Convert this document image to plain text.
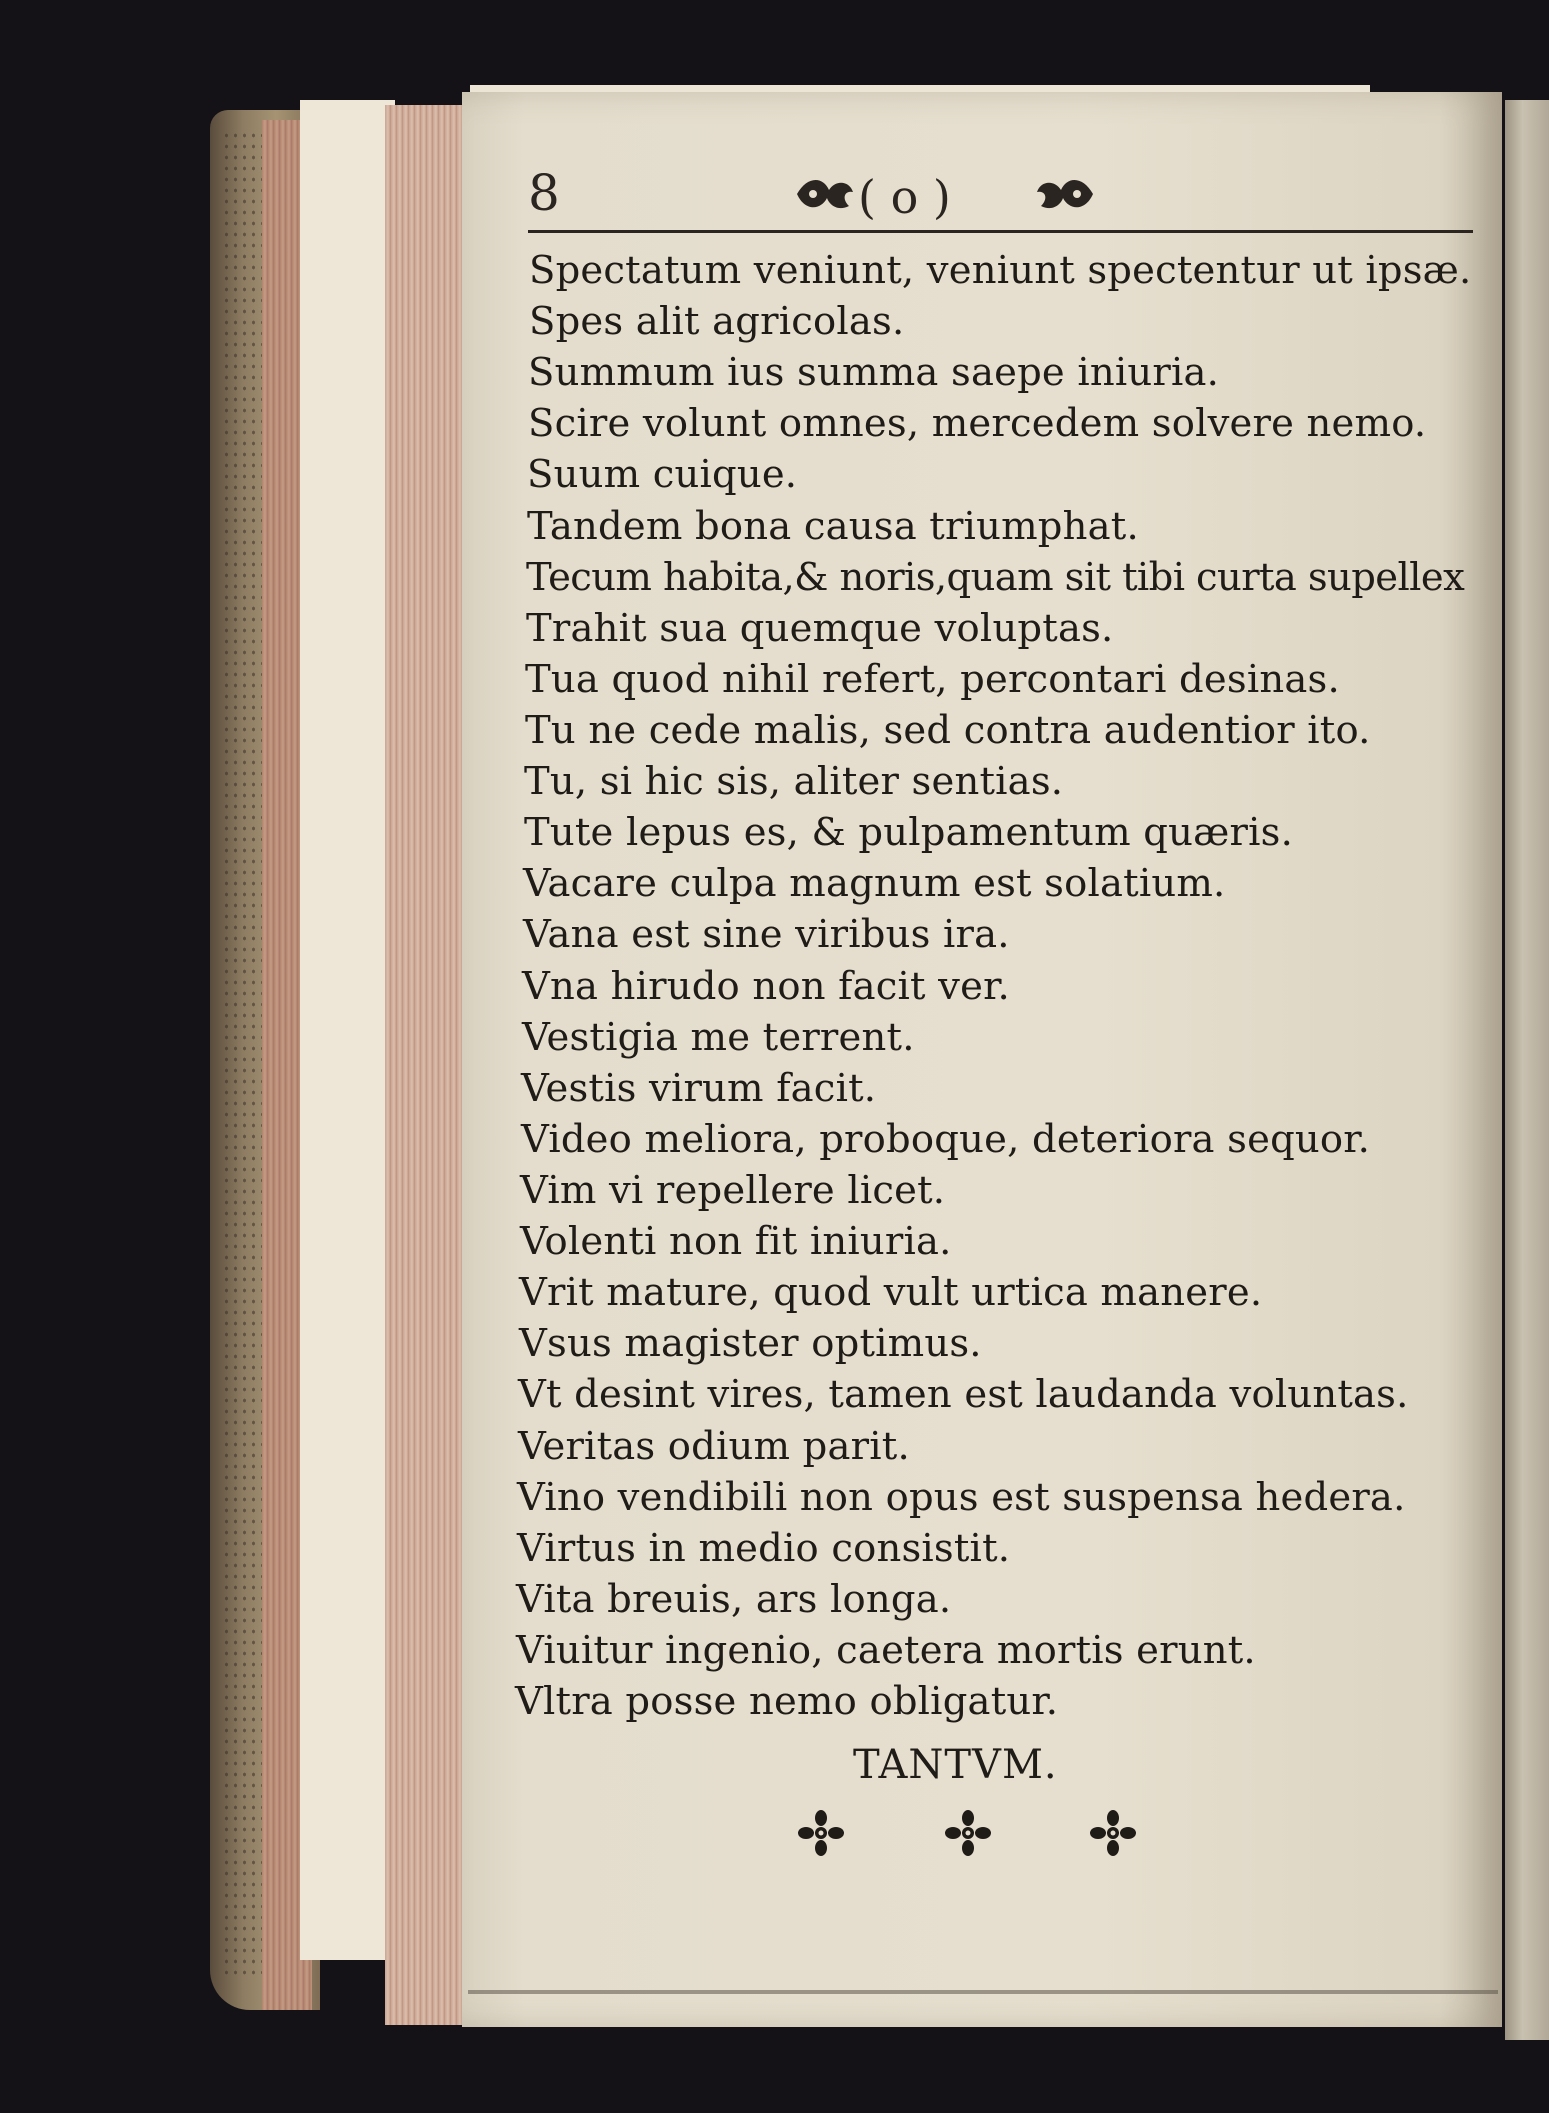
8	( o )
Spectatum veniunt, veniunt spectentur ut ipsæ.
Spes alit agricolas.
Summum ius summa saepe iniuria.
Scire volunt omnes, mercedem solvere nemo.
Suum cuique.
Tandem bona causa triumphat.
Tecum habita,& noris,quam sit tibi curta supellex
Trahit sua quemque voluptas.
Tua quod nihil refert, percontari desinas.
Tu ne cede malis, sed contra audentior ito.
Tu, si hic sis, aliter sentias.
Tute lepus es, & pulpamentum quæris.
Vacare culpa magnum est solatium.
Vana est sine viribus ira.
Vna hirudo non facit ver.
Vestigia me terrent.
Vestis virum facit.
Video meliora, proboque, deteriora sequor.
Vim vi repellere licet.
Volenti non fit iniuria.
Vrit mature, quod vult urtica manere.
Vsus magister optimus.
Vt desint vires, tamen est laudanda voluntas.
Veritas odium parit.
Vino vendibili non opus est suspensa hedera.
Virtus in medio consistit.
Vita breuis, ars longa.
Viuitur ingenio, caetera mortis erunt.
Vltra posse nemo obligatur.
TANTVM.
